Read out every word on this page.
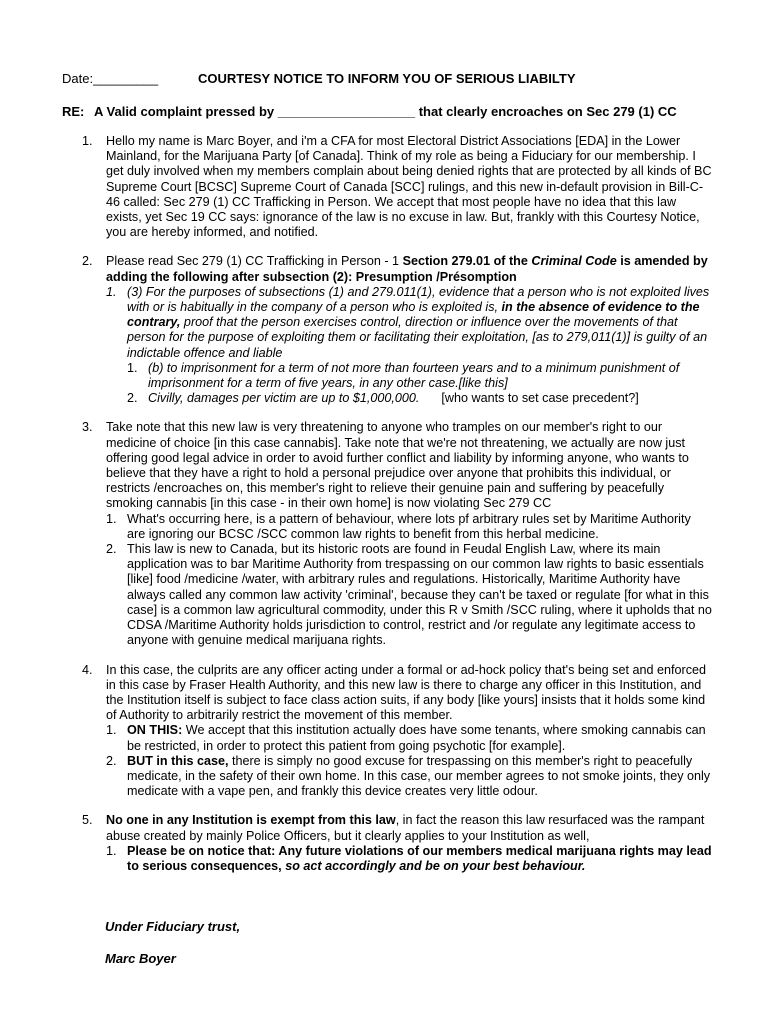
Date:_________	COURTESY NOTICE TO INFORM YOU OF SERIOUS LIABILTY
RE: A Valid complaint pressed by ___________________ that clearly encroaches on Sec 279 (1) CC
1. Hello my name is Marc Boyer, and i'm a CFA for most Electoral District Associations [EDA] in the Lower Mainland, for the Marijuana Party [of Canada]. Think of my role as being a Fiduciary for our membership. I get duly involved when my members complain about being denied rights that are protected by all kinds of BC Supreme Court [BCSC] Supreme Court of Canada [SCC] rulings, and this new in-default provision in Bill-C-46 called: Sec 279 (1) CC Trafficking in Person. We accept that most people have no idea that this law exists, yet Sec 19 CC says: ignorance of the law is no excuse in law. But, frankly with this Courtesy Notice, you are hereby informed, and notified.
2. Please read Sec 279 (1) CC Trafficking in Person - 1 Section 279.01 of the Criminal Code is amended by adding the following after subsection (2): Presumption /Présomption
1. (3) For the purposes of subsections (1) and 279.011(1), evidence that a person who is not exploited lives with or is habitually in the company of a person who is exploited is, in the absence of evidence to the contrary, proof that the person exercises control, direction or influence over the movements of that person for the purpose of exploiting them or facilitating their exploitation, [as to 279,011(1)] is guilty of an indictable offence and liable
1. (b) to imprisonment for a term of not more than fourteen years and to a minimum punishment of imprisonment for a term of five years, in any other case.[like this]
2. Civilly, damages per victim are up to $1,000,000. [who wants to set case precedent?]
3. Take note that this new law is very threatening to anyone who tramples on our member's right to our medicine of choice [in this case cannabis]. Take note that we're not threatening, we actually are now just offering good legal advice in order to avoid further conflict and liability by informing anyone, who wants to believe that they have a right to hold a personal prejudice over anyone that prohibits this individual, or restricts /encroaches on, this member's right to relieve their genuine pain and suffering by peacefully smoking cannabis [in this case - in their own home] is now violating Sec 279 CC
1. What's occurring here, is a pattern of behaviour, where lots pf arbitrary rules set by Maritime Authority are ignoring our BCSC /SCC common law rights to benefit from this herbal medicine.
2. This law is new to Canada, but its historic roots are found in Feudal English Law, where its main application was to bar Maritime Authority from trespassing on our common law rights to basic essentials [like] food /medicine /water, with arbitrary rules and regulations. Historically, Maritime Authority have always called any common law activity 'criminal', because they can't be taxed or regulate [for what in this case] is a common law agricultural commodity, under this R v Smith /SCC ruling, where it upholds that no CDSA /Maritime Authority holds jurisdiction to control, restrict and /or regulate any legitimate access to anyone with genuine medical marijuana rights.
4. In this case, the culprits are any officer acting under a formal or ad-hock policy that's being set and enforced in this case by Fraser Health Authority, and this new law is there to charge any officer in this Institution, and the Institution itself is subject to face class action suits, if any body [like yours] insists that it holds some kind of Authority to arbitrarily restrict the movement of this member.
1. ON THIS: We accept that this institution actually does have some tenants, where smoking cannabis can be restricted, in order to protect this patient from going psychotic [for example].
2. BUT in this case, there is simply no good excuse for trespassing on this member's right to peacefully medicate, in the safety of their own home. In this case, our member agrees to not smoke joints, they only medicate with a vape pen, and frankly this device creates very little odour.
5. No one in any Institution is exempt from this law, in fact the reason this law resurfaced was the rampant abuse created by mainly Police Officers, but it clearly applies to your Institution as well,
1. Please be on notice that: Any future violations of our members medical marijuana rights may lead to serious consequences, so act accordingly and be on your best behaviour.
Under Fiduciary trust,
Marc Boyer
